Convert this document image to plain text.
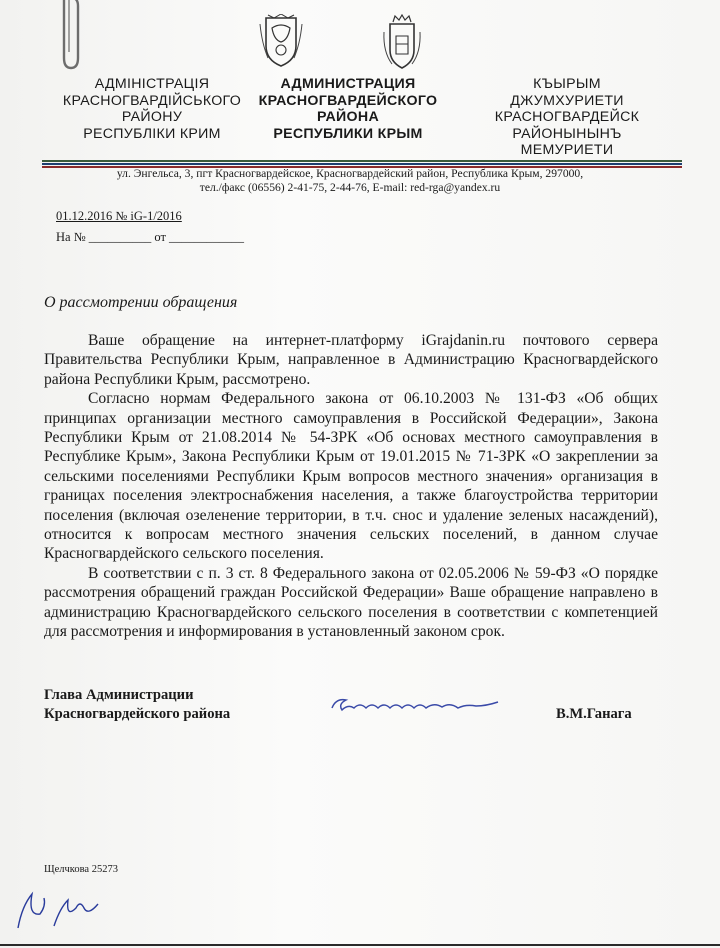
АДМІНІСТРАЦІЯ
КРАСНОГВАРДІЙСЬКОГО
РАЙОНУ
РЕСПУБЛІКИ КРИМ
АДМИНИСТРАЦИЯ
КРАСНОГВАРДЕЙСКОГО
РАЙОНА
РЕСПУБЛИКИ КРЫМ
КЪЫРЫМ
ДЖУМХУРИЕТИ
КРАСНОГВАРДЕЙСК
РАЙОНЫНЫНЪ
МЕМУРИЕТИ
ул. Энгельса, 3, пгт Красногвардейское, Красногвардейский район, Республика Крым, 297000,
тел./факс (06556) 2-41-75, 2-44-76, E-mail: red-rga@yandex.ru
01.12.2016 № iG-1/2016
На № __________ от ____________
О рассмотрении обращения

Ваше обращение на интернет-платформу iGrajdanin.ru почтового сервера Правительства Республики Крым, направленное в Администрацию Красногвардейского района Республики Крым, рассмотрено.

Согласно нормам Федерального закона от 06.10.2003 № 131-ФЗ «Об общих принципах организации местного самоуправления в Российской Федерации», Закона Республики Крым от 21.08.2014 № 54-ЗРК «Об основах местного самоуправления в Республике Крым», Закона Республики Крым от 19.01.2015 № 71-ЗРК «О закреплении за сельскими поселениями Республики Крым вопросов местного значения» организация в границах поселения электроснабжения населения, а также благоустройства территории поселения (включая озеленение территории, в т.ч. снос и удаление зеленых насаждений), относится к вопросам местного значения сельских поселений, в данном случае Красногвардейского сельского поселения.

В соответствии с п. 3 ст. 8 Федерального закона от 02.05.2006 № 59-ФЗ «О порядке рассмотрения обращений граждан Российской Федерации» Ваше обращение направлено в администрацию Красногвардейского сельского поселения в соответствии с компетенцией для рассмотрения и информирования в установленный законом срок.

Глава Администрации
Красногвардейского района	В.М.Ганага
Щелчкова 25273
